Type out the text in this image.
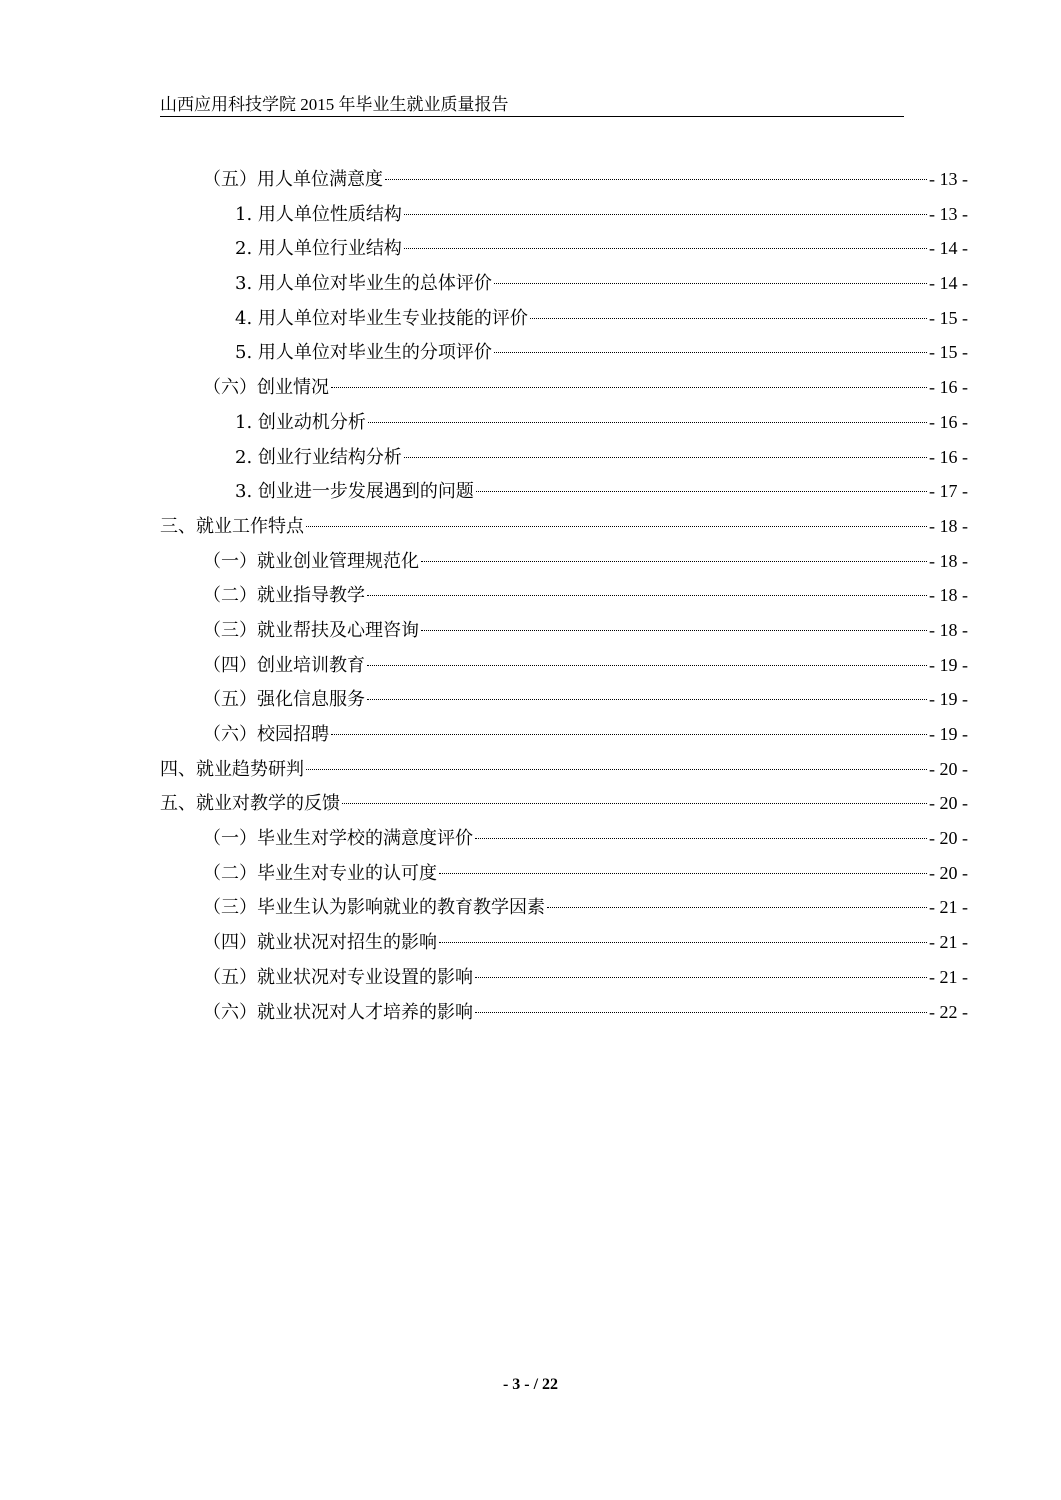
山西应用科技学院 2015 年毕业生就业质量报告
（五）用人单位满意度	- 13 -
1. 用人单位性质结构	- 13 -
2. 用人单位行业结构	- 14 -
3. 用人单位对毕业生的总体评价	- 14 -
4. 用人单位对毕业生专业技能的评价	- 15 -
5. 用人单位对毕业生的分项评价	- 15 -
（六）创业情况	- 16 -
1. 创业动机分析	- 16 -
2. 创业行业结构分析	- 16 -
3. 创业进一步发展遇到的问题	- 17 -
三、就业工作特点	- 18 -
（一）就业创业管理规范化	- 18 -
（二）就业指导教学	- 18 -
（三）就业帮扶及心理咨询	- 18 -
（四）创业培训教育	- 19 -
（五）强化信息服务	- 19 -
（六）校园招聘	- 19 -
四、就业趋势研判	- 20 -
五、就业对教学的反馈	- 20 -
（一）毕业生对学校的满意度评价	- 20 -
（二）毕业生对专业的认可度	- 20 -
（三）毕业生认为影响就业的教育教学因素	- 21 -
（四）就业状况对招生的影响	- 21 -
（五）就业状况对专业设置的影响	- 21 -
（六）就业状况对人才培养的影响	- 22 -
- 3 - / 22
